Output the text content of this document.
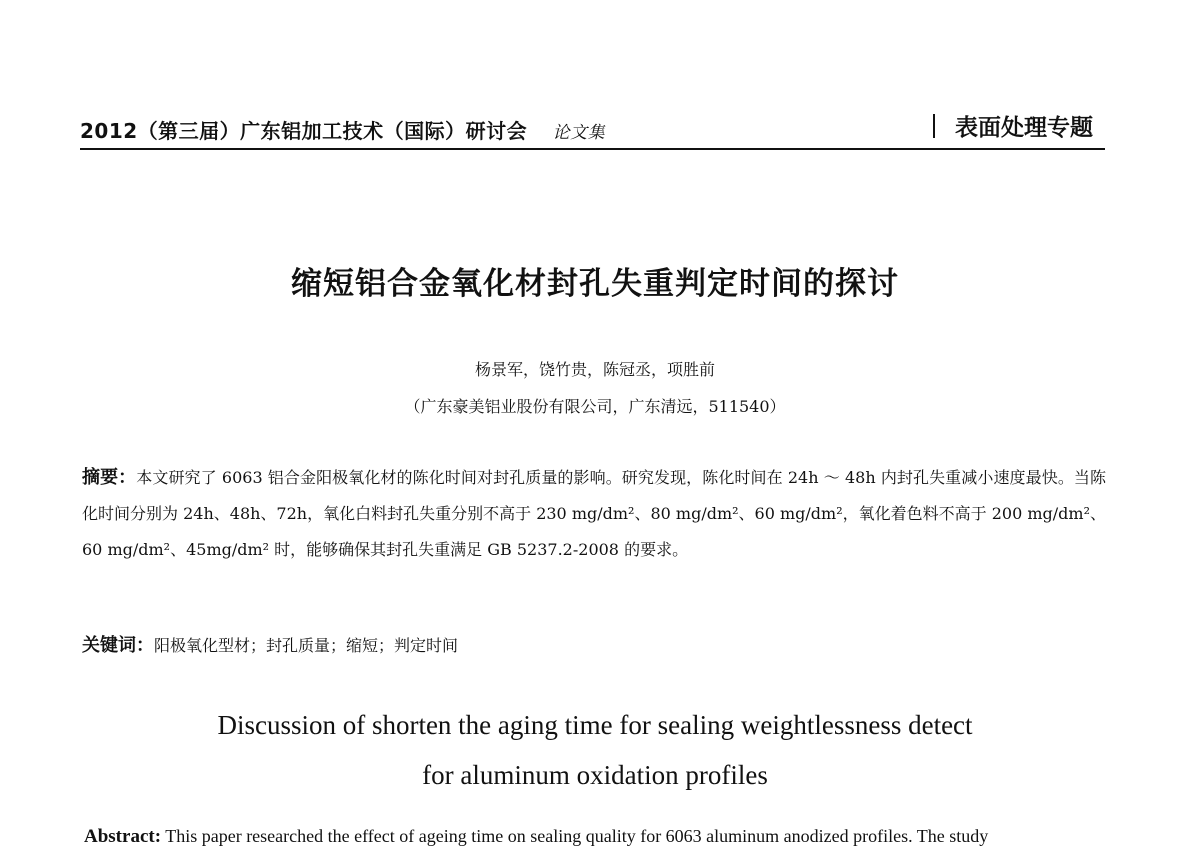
2012（第三届）广东铝加工技术（国际）研讨会 论文集	表面处理专题
缩短铝合金氧化材封孔失重判定时间的探讨
杨景军，饶竹贵，陈冠丞，项胜前
（广东豪美铝业股份有限公司，广东清远，511540）
摘要：本文研究了 6063 铝合金阳极氧化材的陈化时间对封孔质量的影响。研究发现，陈化时间在 24h ～ 48h 内封孔失重减小速度最快。当陈化时间分别为 24h、48h、72h，氧化白料封孔失重分别不高于 230 mg/dm²、80 mg/dm²、60 mg/dm²，氧化着色料不高于 200 mg/dm²、60 mg/dm²、45mg/dm² 时，能够确保其封孔失重满足 GB 5237.2-2008 的要求。
关键词：阳极氧化型材；封孔质量；缩短；判定时间
Discussion of shorten the aging time for sealing weightlessness detect
for aluminum oxidation profiles
Abstract: This paper researched the effect of ageing time on sealing quality for 6063 aluminum anodized profiles. The study
